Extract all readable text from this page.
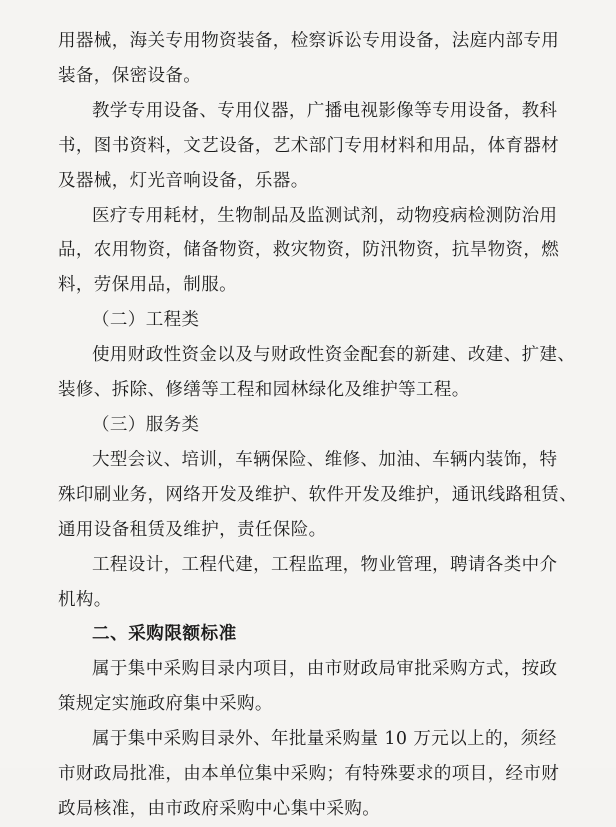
用器械，海关专用物资装备，检察诉讼专用设备，法庭内部专用
装备，保密设备。
教学专用设备、专用仪器，广播电视影像等专用设备，教科
书，图书资料，文艺设备，艺术部门专用材料和用品，体育器材
及器械，灯光音响设备，乐器。
医疗专用耗材，生物制品及监测试剂，动物疫病检测防治用
品，农用物资，储备物资，救灾物资，防汛物资，抗旱物资，燃
料，劳保用品，制服。
（二）工程类
使用财政性资金以及与财政性资金配套的新建、改建、扩建、
装修、拆除、修缮等工程和园林绿化及维护等工程。
（三）服务类
大型会议、培训，车辆保险、维修、加油、车辆内装饰，特
殊印刷业务，网络开发及维护、软件开发及维护，通讯线路租赁、
通用设备租赁及维护，责任保险。
工程设计，工程代建，工程监理，物业管理，聘请各类中介
机构。
二、采购限额标准
属于集中采购目录内项目，由市财政局审批采购方式，按政
策规定实施政府集中采购。
属于集中采购目录外、年批量采购量 10 万元以上的，须经
市财政局批准，由本单位集中采购；有特殊要求的项目，经市财
政局核准，由市政府采购中心集中采购。
